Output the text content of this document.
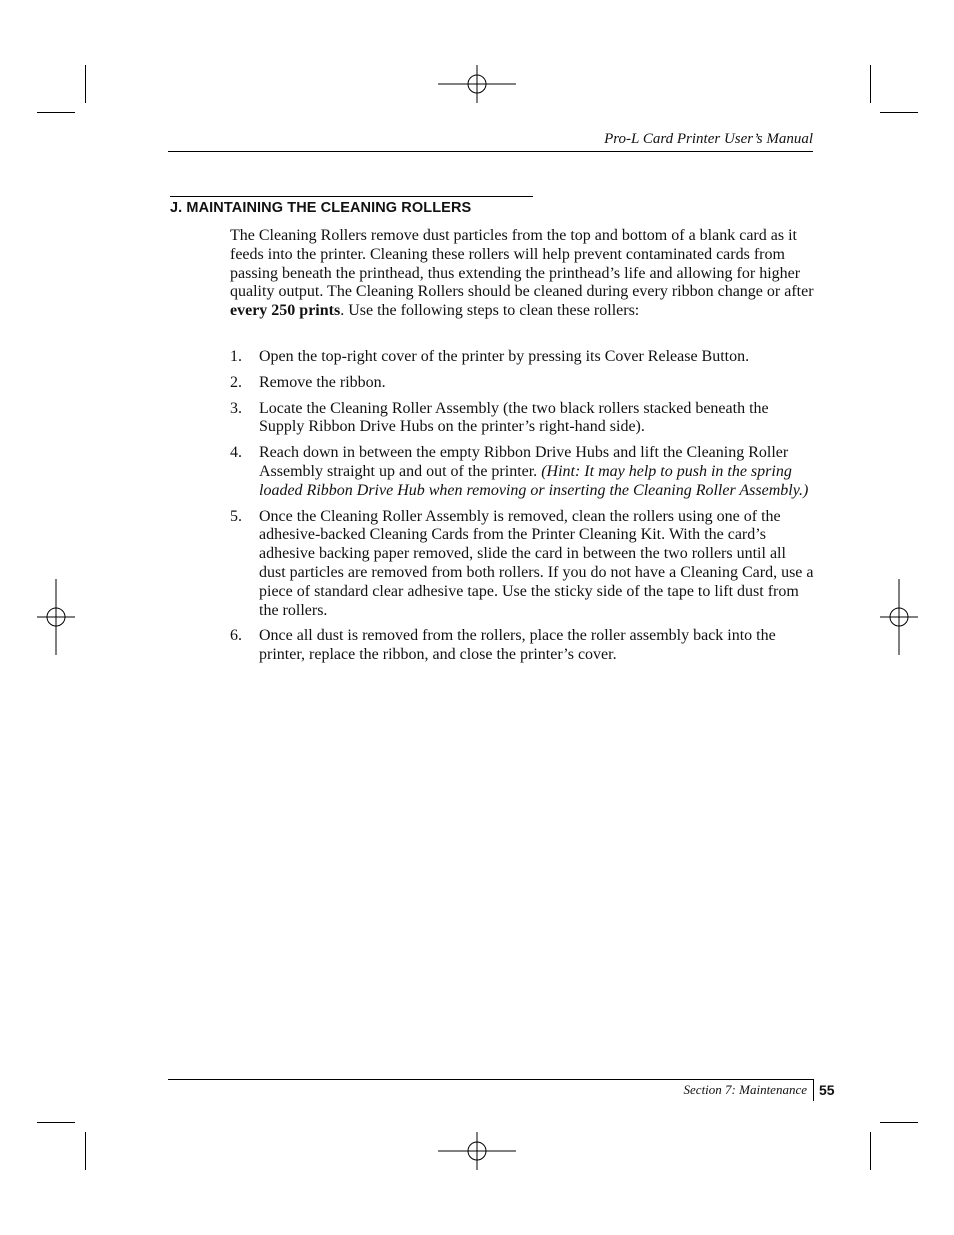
Pro-L Card Printer User’s Manual
J. MAINTAINING THE CLEANING ROLLERS

The Cleaning Rollers remove dust particles from the top and bottom of a blank card as it feeds into the printer. Cleaning these rollers will help prevent contaminated cards from passing beneath the printhead, thus extending the printhead’s life and allowing for higher quality output. The Cleaning Rollers should be cleaned during every ribbon change or after every 250 prints. Use the following steps to clean these rollers:

1. Open the top-right cover of the printer by pressing its Cover Release Button.
2. Remove the ribbon.
3. Locate the Cleaning Roller Assembly (the two black rollers stacked beneath the Supply Ribbon Drive Hubs on the printer’s right-hand side).
4. Reach down in between the empty Ribbon Drive Hubs and lift the Cleaning Roller Assembly straight up and out of the printer. (Hint: It may help to push in the spring loaded Ribbon Drive Hub when removing or inserting the Cleaning Roller Assembly.)
5. Once the Cleaning Roller Assembly is removed, clean the rollers using one of the adhesive-backed Cleaning Cards from the Printer Cleaning Kit. With the card’s adhesive backing paper removed, slide the card in between the two rollers until all dust particles are removed from both rollers. If you do not have a Cleaning Card, use a piece of standard clear adhesive tape. Use the sticky side of the tape to lift dust from the rollers.
6. Once all dust is removed from the rollers, place the roller assembly back into the printer, replace the ribbon, and close the printer’s cover.
Section 7: Maintenance 55
